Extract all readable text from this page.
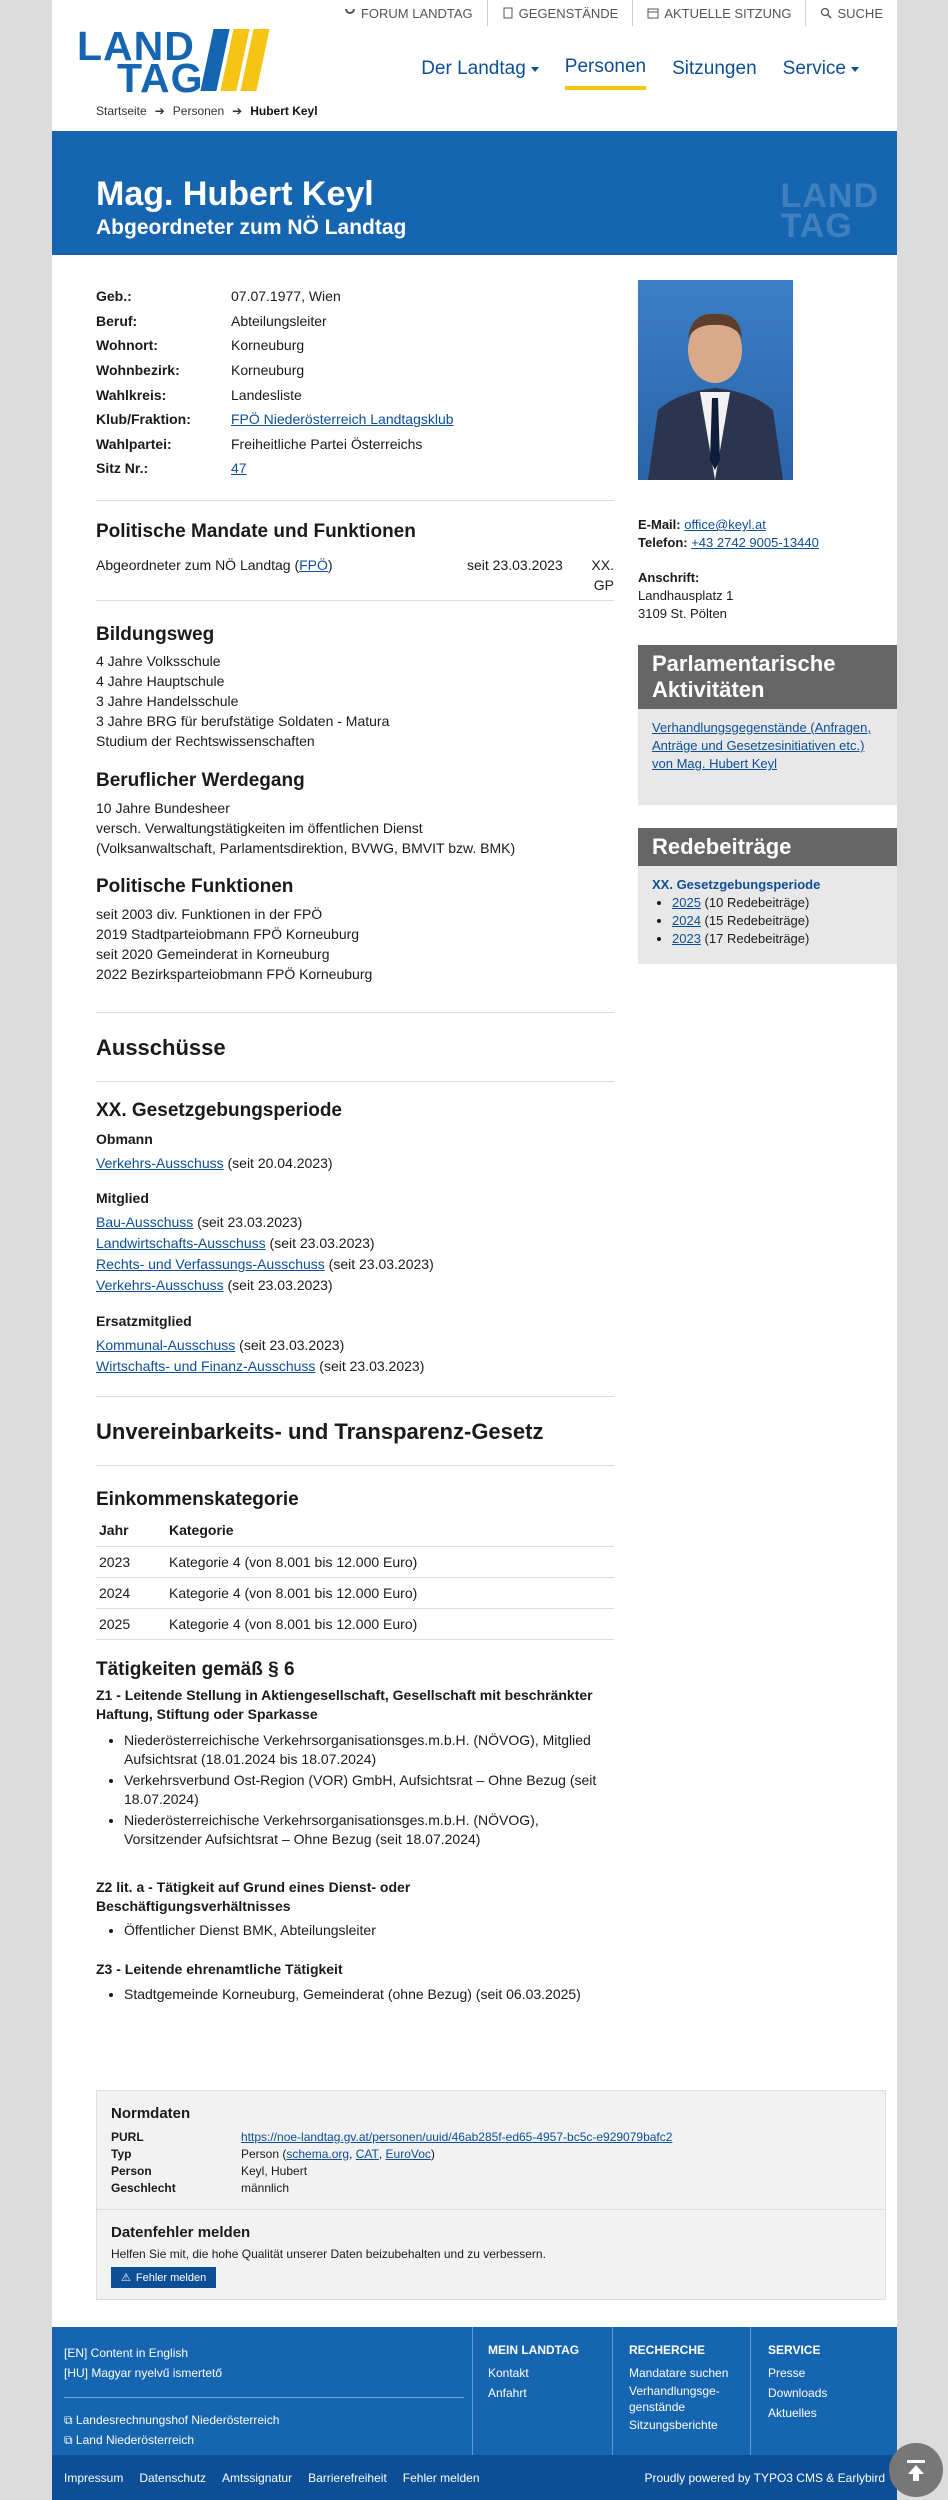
FORUM LANDTAG	GEGENSTÄNDE	AKTUELLE SITZUNG	SUCHE
LAND
TAG	Der Landtag Personen Sitzungen Service
Startseite ➔ Personen ➔ Hubert Keyl
Mag. Hubert Keyl
Abgeordneter zum NÖ Landtag
LAND
TAG
Geb.:	07.07.1977, Wien
Beruf:	Abteilungsleiter
Wohnort:	Korneuburg
Wohnbezirk:	Korneuburg
Wahlkreis:	Landesliste
Klub/Fraktion:	FPÖ Niederösterreich Landtagsklub
Wahlpartei:	Freiheitliche Partei Österreichs
Sitz Nr.:	47
Politische Mandate und Funktionen
Abgeordneter zum NÖ Landtag ( FPÖ )	seit 23.03.2023	XX. GP
Bildungsweg
4 Jahre Volksschule
4 Jahre Hauptschule
3 Jahre Handelsschule
3 Jahre BRG für berufstätige Soldaten - Matura
Studium der Rechtswissenschaften
Beruflicher Werdegang
10 Jahre Bundesheer
versch. Verwaltungstätigkeiten im öffentlichen Dienst
(Volksanwaltschaft, Parlamentsdirektion, BVWG, BMVIT bzw. BMK)
Politische Funktionen
seit 2003 div. Funktionen in der FPÖ
2019 Stadtparteiobmann FPÖ Korneuburg
seit 2020 Gemeinderat in Korneuburg
2022 Bezirksparteiobmann FPÖ Korneuburg
Ausschüsse
XX. Gesetzgebungsperiode
Obmann
Verkehrs-Ausschuss (seit 20.04.2023)
Mitglied
Bau-Ausschuss (seit 23.03.2023)
Landwirtschafts-Ausschuss (seit 23.03.2023)
Rechts- und Verfassungs-Ausschuss (seit 23.03.2023)
Verkehrs-Ausschuss (seit 23.03.2023)
Ersatzmitglied
Kommunal-Ausschuss (seit 23.03.2023)
Wirtschafts- und Finanz-Ausschuss (seit 23.03.2023)
Unvereinbarkeits- und Transparenz-Gesetz
Einkommenskategorie
Jahr	Kategorie
2023	Kategorie 4 (von 8.001 bis 12.000 Euro)
2024	Kategorie 4 (von 8.001 bis 12.000 Euro)
2025	Kategorie 4 (von 8.001 bis 12.000 Euro)
Tätigkeiten gemäß § 6
Z1 - Leitende Stellung in Aktiengesellschaft, Gesellschaft mit beschränkter Haftung, Stiftung oder Sparkasse
• Niederösterreichische Verkehrsorganisationsges.m.b.H. (NÖVOG), Mitglied Aufsichtsrat (18.01.2024 bis 18.07.2024)
• Verkehrsverbund Ost-Region (VOR) GmbH, Aufsichtsrat – Ohne Bezug (seit 18.07.2024)
• Niederösterreichische Verkehrsorganisationsges.m.b.H. (NÖVOG), Vorsitzender Aufsichtsrat – Ohne Bezug (seit 18.07.2024)
Z2 lit. a - Tätigkeit auf Grund eines Dienst- oder Beschäftigungsverhältnisses
• Öffentlicher Dienst BMK, Abteilungsleiter
Z3 - Leitende ehrenamtliche Tätigkeit
• Stadtgemeinde Korneuburg, Gemeinderat (ohne Bezug) (seit 06.03.2025)
E-Mail: office@keyl.at
Telefon: +43 2742 9005-13440
Anschrift:
Landhausplatz 1
3109 St. Pölten
Parlamentarische Aktivitäten
Verhandlungsgegenstände (Anfragen, Anträge und Gesetzesinitiativen etc.) von Mag. Hubert Keyl
Redebeiträge
XX. Gesetzgebungsperiode
• 2025 (10 Redebeiträge)
• 2024 (15 Redebeiträge)
• 2023 (17 Redebeiträge)
Normdaten
PURL	https://noe-landtag.gv.at/personen/uuid/46ab285f-ed65-4957-bc5c-e929079bafc2
Typ	Person ( schema.org , CAT , EuroVoc )
Person	Keyl, Hubert
Geschlecht	männlich
Datenfehler melden
Helfen Sie mit, die hohe Qualität unserer Daten beizubehalten und zu verbessern.
⚠ Fehler melden
[EN] Content in English
[HU] Magyar nyelvű ismertető
⧉ Landesrechnungshof Niederösterreich
⧉ Land Niederösterreich
MEIN LANDTAG
Kontakt
Anfahrt
RECHERCHE
Mandatare suchen
Verhandlungsge-genstände
Sitzungsberichte
SERVICE
Presse
Downloads
Aktuelles
Impressum Datenschutz Amtssignatur Barrierefreiheit Fehler melden	Proudly powered by TYPO3 CMS & Earlybird
